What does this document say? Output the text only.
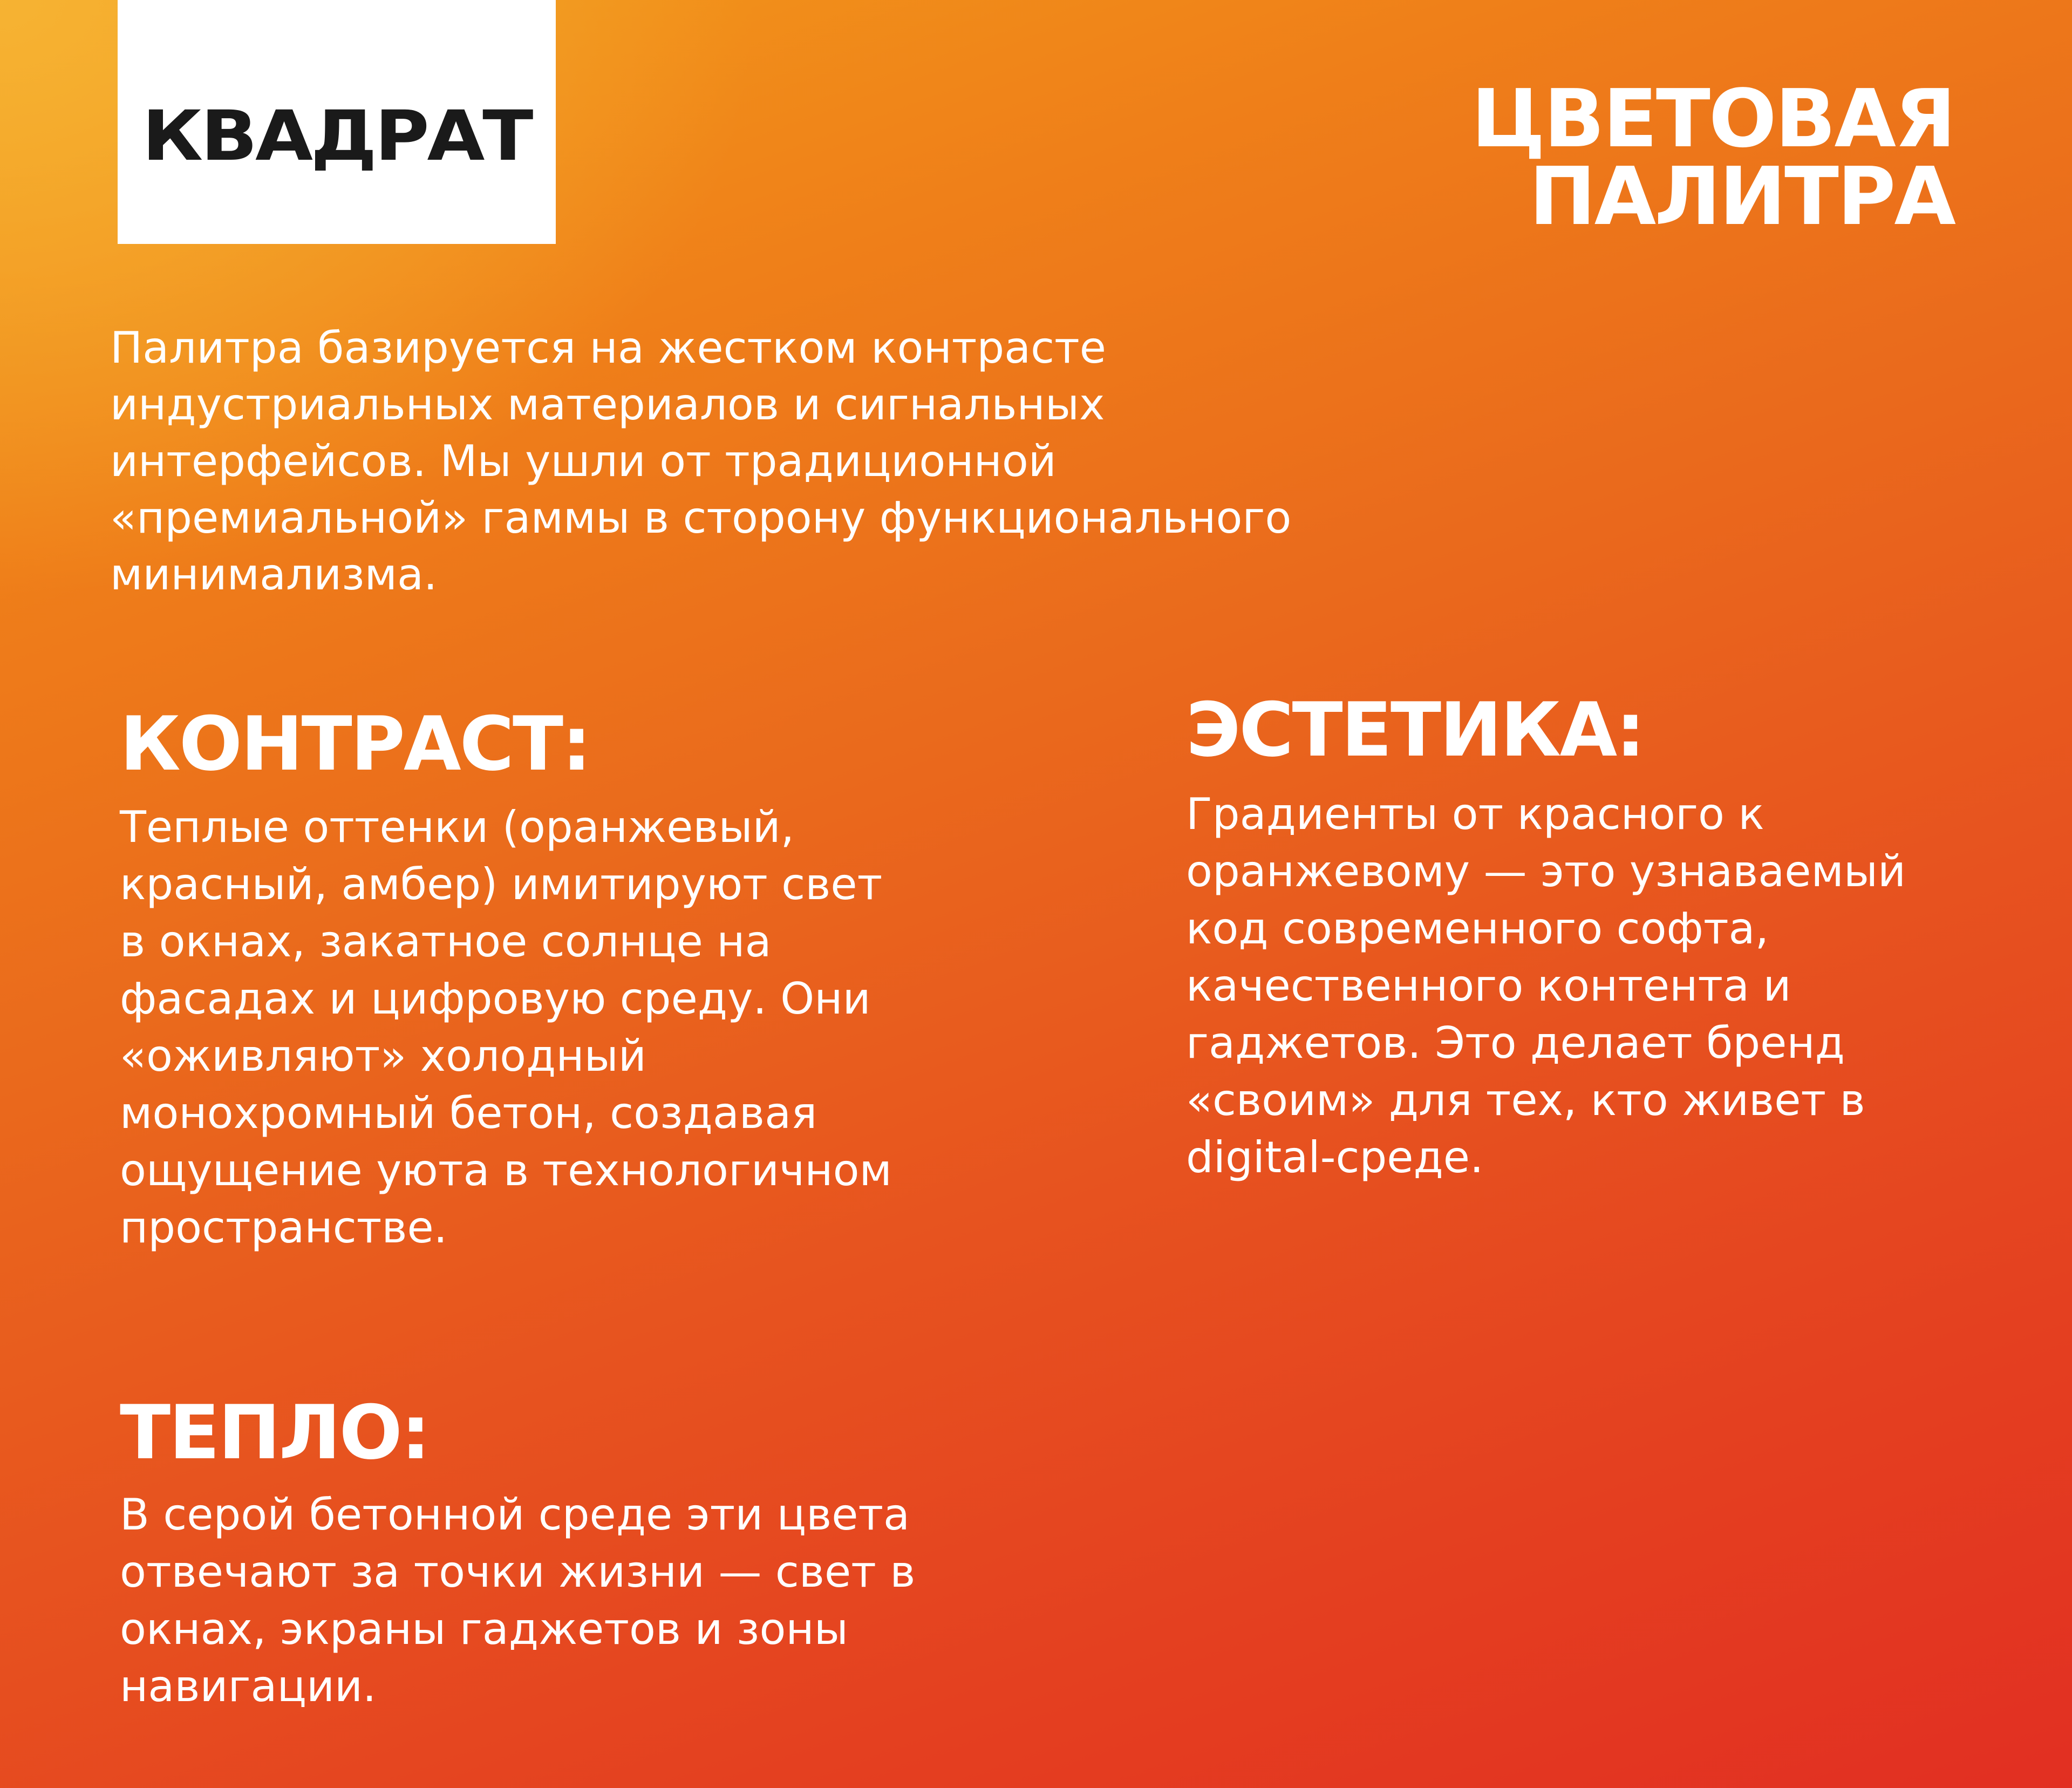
КВАДРАТ	ЦВЕТОВАЯ
ПАЛИТРА
Палитра базируется на жестком контрасте индустриальных материалов и сигнальных интерфейсов. Мы ушли от традиционной «премиальной» гаммы в сторону функционального минимализма.
КОНТРАСТ:
Теплые оттенки (оранжевый, красный, амбер) имитируют свет в окнах, закатное солнце на фасадах и цифровую среду. Они «оживляют» холодный монохромный бетон, создавая ощущение уюта в технологичном пространстве.
ЭСТЕТИКА:
Градиенты от красного к оранжевому — это узнаваемый код современного софта, качественного контента и гаджетов. Это делает бренд «своим» для тех, кто живет в digital-среде.
ТЕПЛО:
В серой бетонной среде эти цвета отвечают за точки жизни — свет в окнах, экраны гаджетов и зоны навигации.
